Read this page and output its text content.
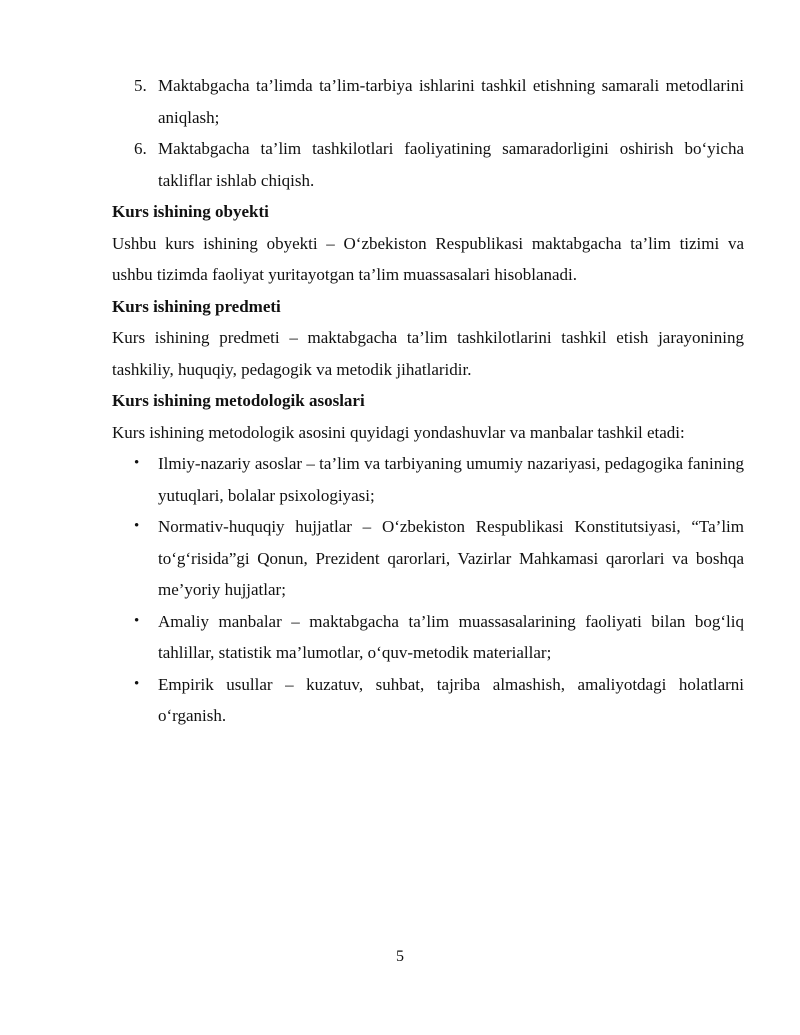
5. Maktabgacha ta’limda ta’lim-tarbiya ishlarini tashkil etishning samarali metodlarini aniqlash;
6. Maktabgacha ta’lim tashkilotlari faoliyatining samaradorligini oshirish bo‘yicha takliflar ishlab chiqish.
Kurs ishining obyekti
Ushbu kurs ishining obyekti – O‘zbekiston Respublikasi maktabgacha ta’lim tizimi va ushbu tizimda faoliyat yuritayotgan ta’lim muassasalari hisoblanadi.
Kurs ishining predmeti
Kurs ishining predmeti – maktabgacha ta’lim tashkilotlarini tashkil etish jarayonining tashkiliy, huquqiy, pedagogik va metodik jihatlaridir.
Kurs ishining metodologik asoslari
Kurs ishining metodologik asosini quyidagi yondashuvlar va manbalar tashkil etadi:
• Ilmiy-nazariy asoslar – ta’lim va tarbiyaning umumiy nazariyasi, pedagogika fanining yutuqlari, bolalar psixologiyasi;
• Normativ-huquqiy hujjatlar – O‘zbekiston Respublikasi Konstitutsiyasi, “Ta’lim to‘g‘risida”gi Qonun, Prezident qarorlari, Vazirlar Mahkamasi qarorlari va boshqa me’yoriy hujjatlar;
• Amaliy manbalar – maktabgacha ta’lim muassasalarining faoliyati bilan bog‘liq tahlillar, statistik ma’lumotlar, o‘quv-metodik materiallar;
• Empirik usullar – kuzatuv, suhbat, tajriba almashish, amaliyotdagi holatlarni o‘rganish.
5
